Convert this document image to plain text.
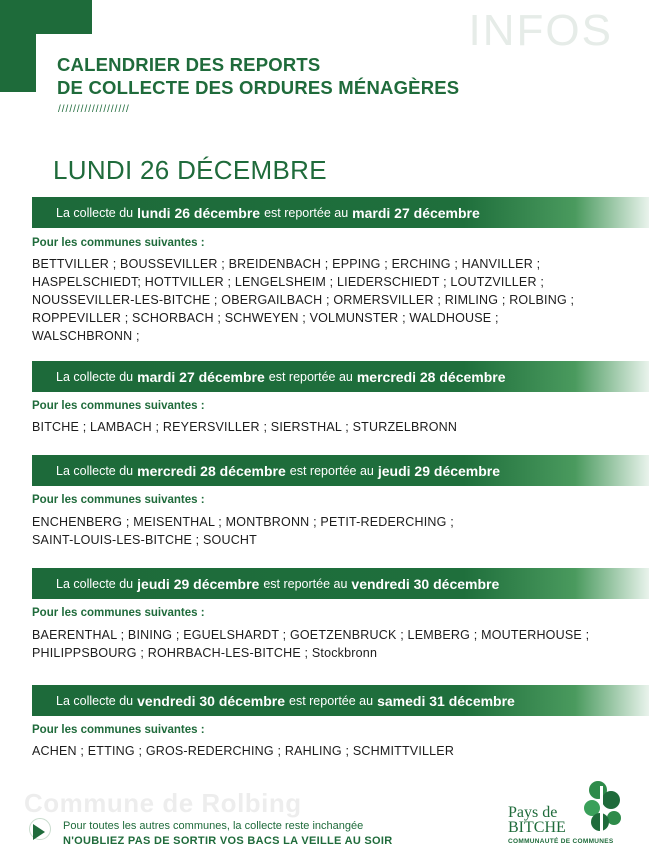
INFOS
CALENDRIER DES REPORTS
DE COLLECTE DES ORDURES MÉNAGÈRES
///////////////////
LUNDI 26 DÉCEMBRE
La collecte du lundi 26 décembre est reportée au mardi 27 décembre
Pour les communes suivantes :
BETTVILLER ; BOUSSEVILLER ; BREIDENBACH ; EPPING ; ERCHING ; HANVILLER ;
HASPELSCHIEDT; HOTTVILLER ; LENGELSHEIM ; LIEDERSCHIEDT ; LOUTZVILLER ;
NOUSSEVILLER-LES-BITCHE ; OBERGAILBACH ; ORMERSVILLER ; RIMLING ; ROLBING ;
ROPPEVILLER ; SCHORBACH ; SCHWEYEN ; VOLMUNSTER ; WALDHOUSE ;
WALSCHBRONN ;
La collecte du mardi 27 décembre est reportée au mercredi 28 décembre
Pour les communes suivantes :
BITCHE ; LAMBACH ; REYERSVILLER ; SIERSTHAL ; STURZELBRONN
La collecte du mercredi 28 décembre est reportée au jeudi 29 décembre
Pour les communes suivantes :
ENCHENBERG ; MEISENTHAL ; MONTBRONN ; PETIT-REDERCHING ;
SAINT-LOUIS-LES-BITCHE ; SOUCHT
La collecte du jeudi 29 décembre est reportée au vendredi 30 décembre
Pour les communes suivantes :
BAERENTHAL ; BINING ; EGUELSHARDT ; GOETZENBRUCK ; LEMBERG ; MOUTERHOUSE ;
PHILIPPSBOURG ; ROHRBACH-LES-BITCHE ; Stockbronn
La collecte du vendredi 30 décembre est reportée au samedi 31 décembre
Pour les communes suivantes :
ACHEN ; ETTING ; GROS-REDERCHING ; RAHLING ; SCHMITTVILLER
Commune de Rolbing
Pour toutes les autres communes, la collecte reste inchangée
N'OUBLIEZ PAS DE SORTIR VOS BACS LA VEILLE AU SOIR
Pays de
BITCHE
COMMUNAUTÉ DE COMMUNES
